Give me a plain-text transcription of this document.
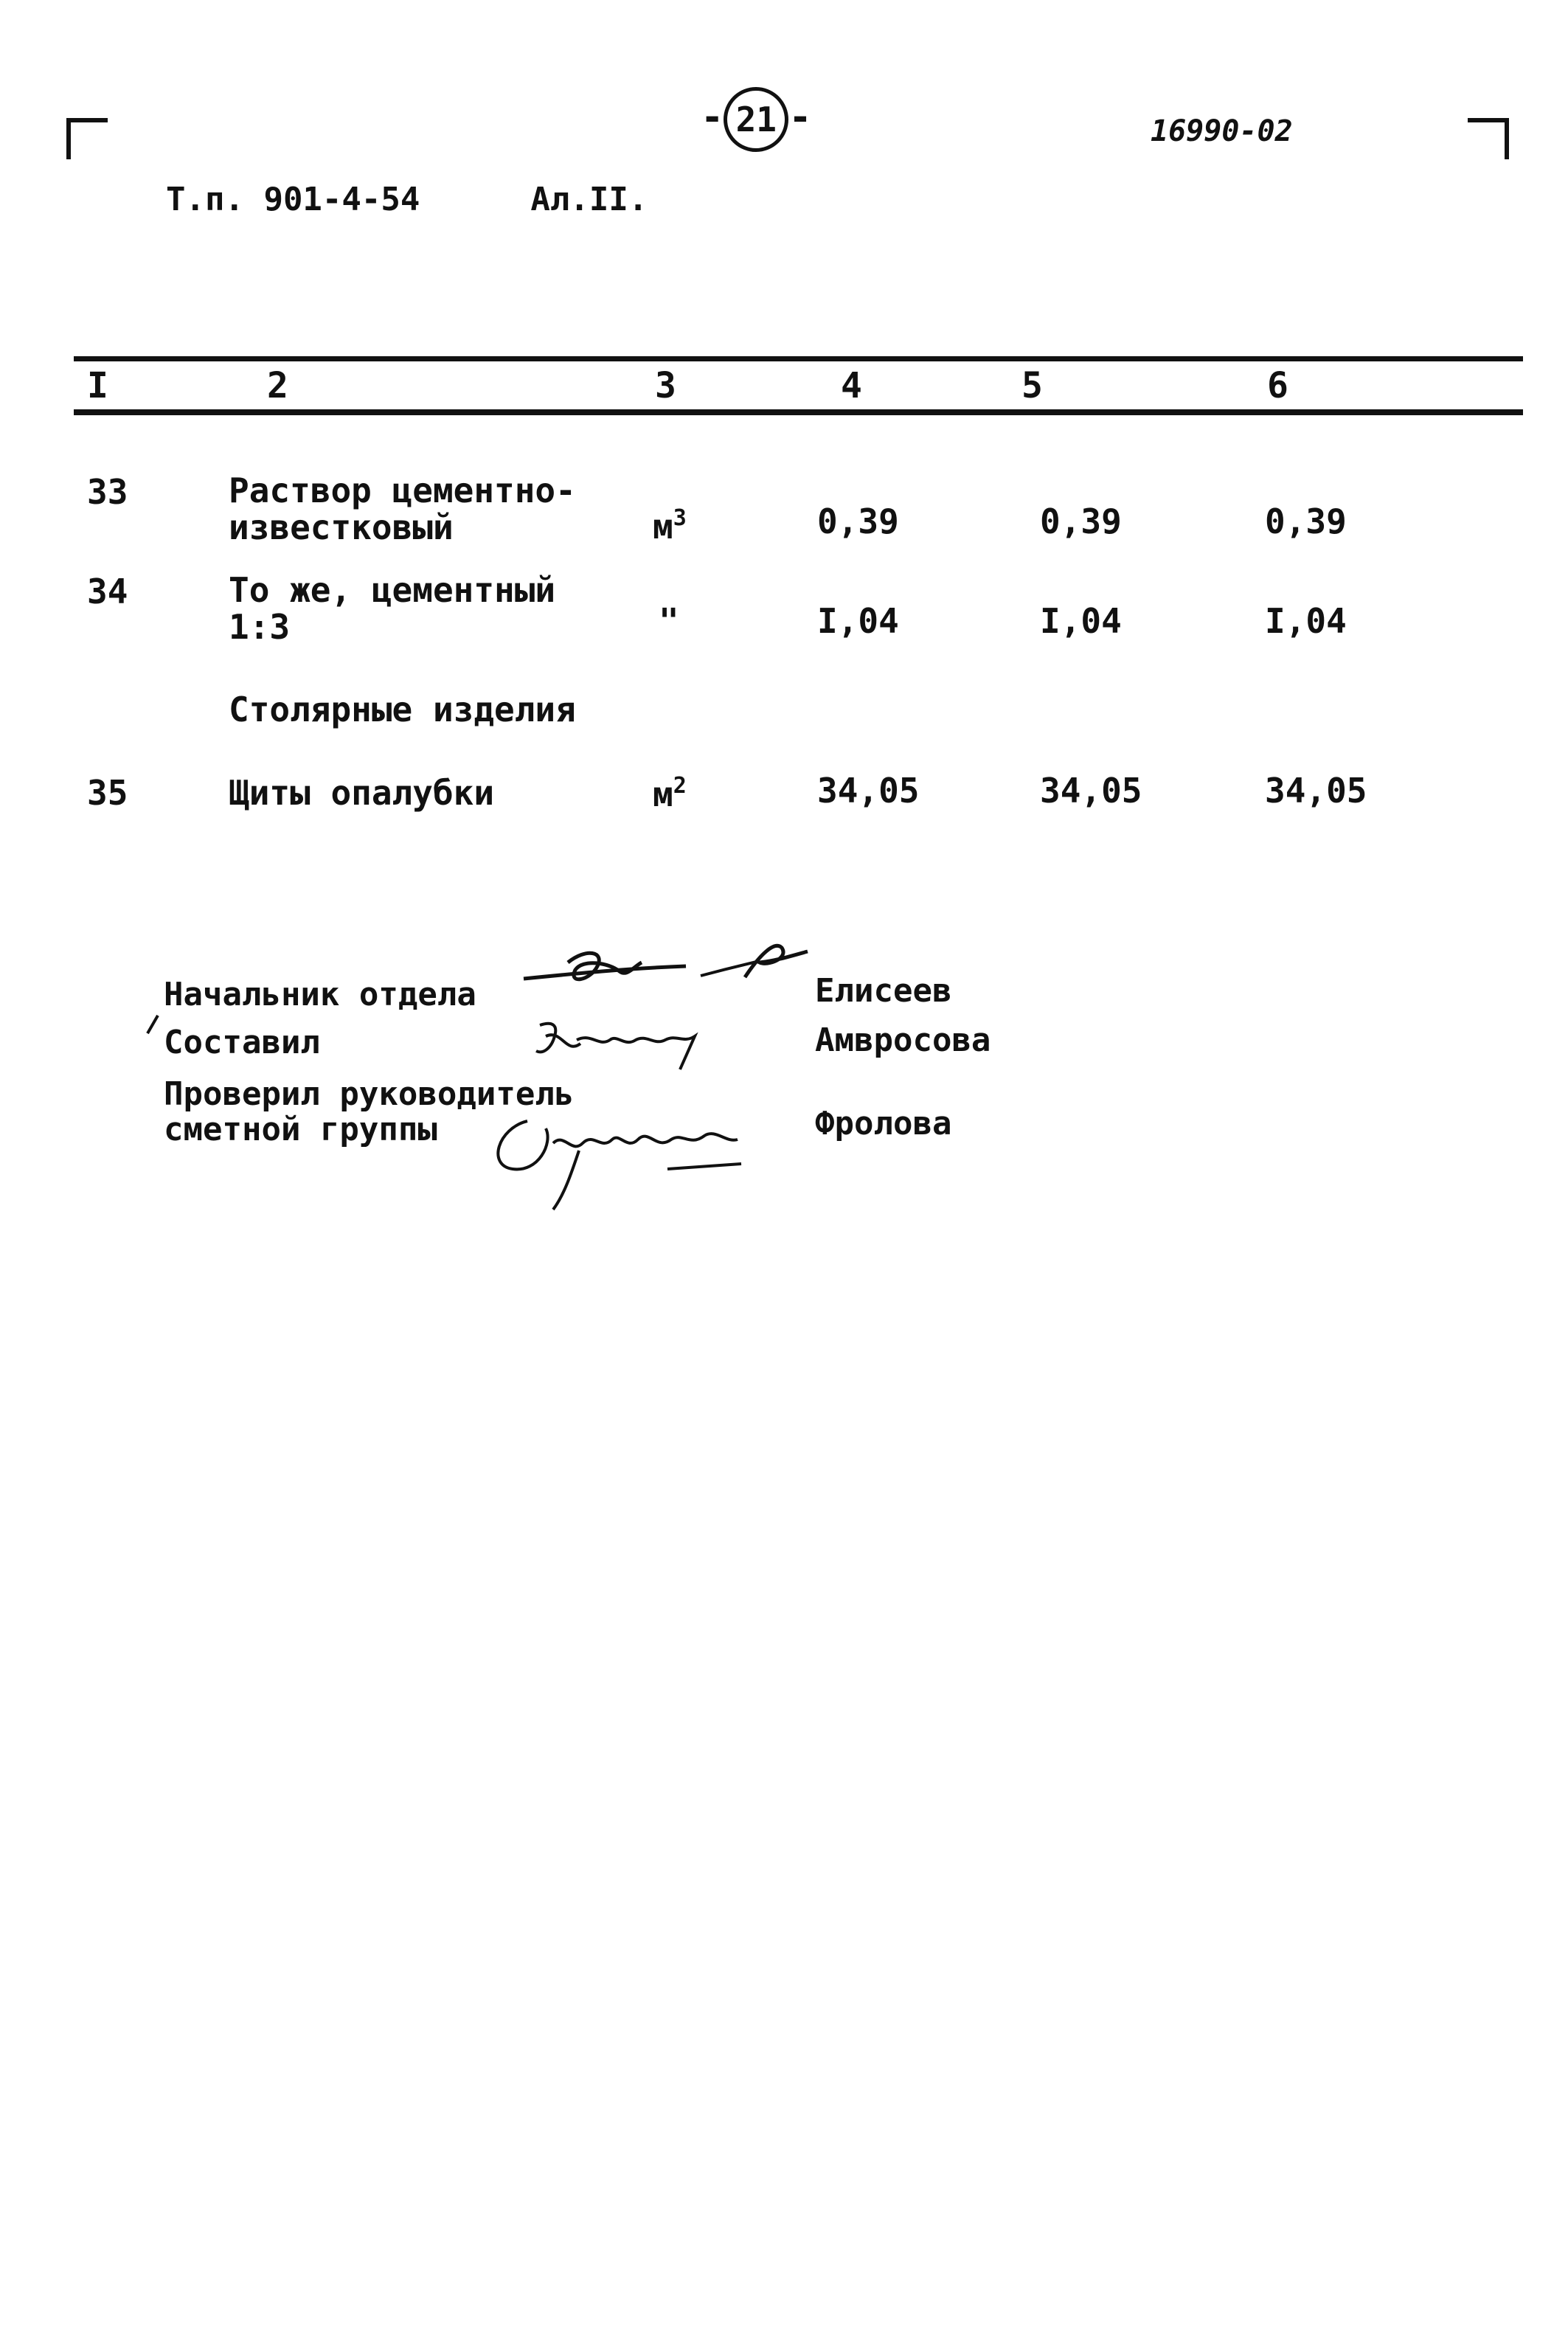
- 21 -	16990-02
Т.п. 901-4-54	Ал.II.
I	2	3	4	5	6
33	Раствор цементно-
известковый	$м^3$	0,39	0,39	0,39
34	То же, цементный
1:3	"	I,04	I,04	I,04
Столярные изделия
35	Щиты опалубки	$м^2$	34,05	34,05	34,05
Начальник отдела	Елисеев
Составил	Амвросова
Проверил руководитель
сметной группы	Фролова
